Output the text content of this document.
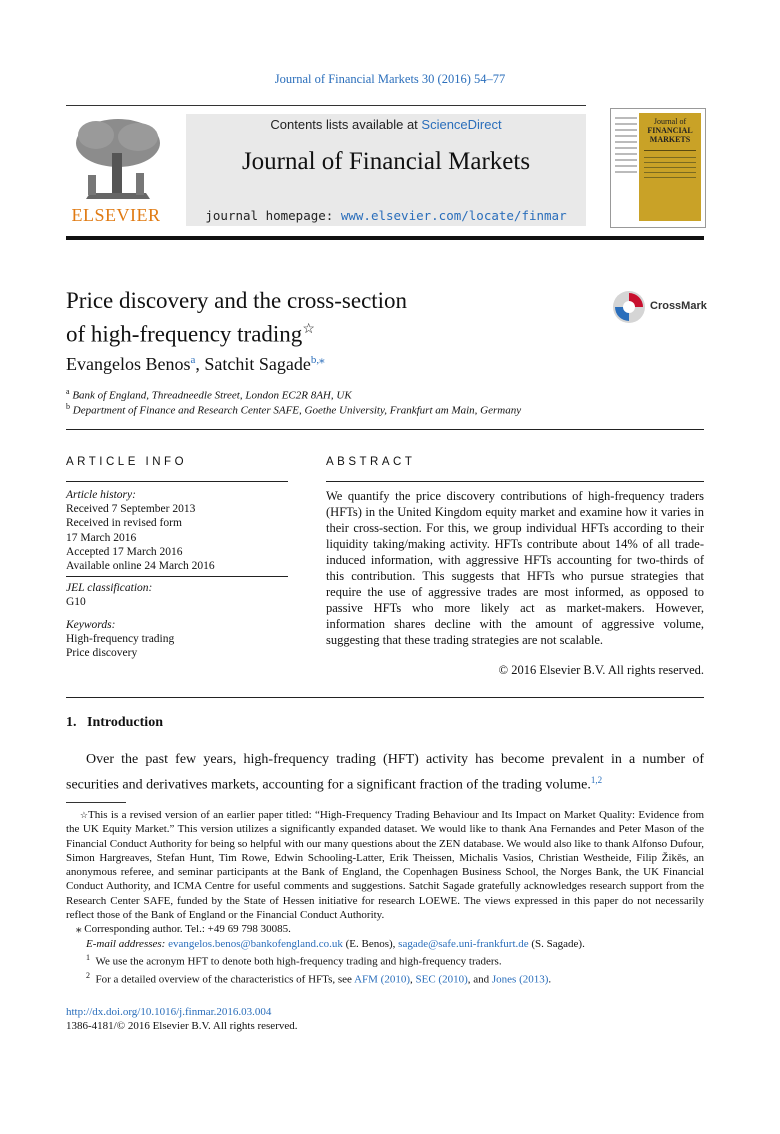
Journal of Financial Markets 30 (2016) 54–77
ELSEVIER
Contents lists available at ScienceDirect
Journal of Financial Markets
journal homepage: www.elsevier.com/locate/finmar
Journal of
FINANCIAL
MARKETS
Price discovery and the cross-section
of high-frequency trading☆
CrossMark
Evangelos Benos$^a$, Satchit Sagade$^{b,⁎}$
$^a$ Bank of England, Threadneedle Street, London EC2R 8AH, UK
$^b$ Department of Finance and Research Center SAFE, Goethe University, Frankfurt am Main, Germany
ARTICLE INFO	ABSTRACT
Article history:
Received 7 September 2013
Received in revised form
17 March 2016
Accepted 17 March 2016
Available online 24 March 2016
JEL classification:
G10
Keywords:
High-frequency trading
Price discovery
We quantify the price discovery contributions of high-frequency traders (HFTs) in the United Kingdom equity market and examine how it varies in their cross-section. For this, we group individual HFTs according to their liquidity taking/making activity. HFTs contribute about 14% of all trade-induced information, with aggressive HFTs accounting for two-thirds of this contribution. This suggests that HFTs who pursue strategies that require the use of aggressive trades are most informed, as opposed to passive HFTs who more likely act as market-makers. However, information shares decline with the amount of aggressive volume, suggesting that these trading strategies are not scalable.
© 2016 Elsevier B.V. All rights reserved.
1.   Introduction
Over the past few years, high-frequency trading (HFT) activity has become prevalent in a number of securities and derivatives markets, accounting for a significant fraction of the trading volume.$^{1,2}$

☆This is a revised version of an earlier paper titled: “High-Frequency Trading Behaviour and Its Impact on Market Quality: Evidence from the UK Equity Market.” This version utilizes a significantly expanded dataset. We would like to thank Ana Fernandes and Peter Mason of the Financial Conduct Authority for being so helpful with our many questions about the ZEN database. We would also like to thank Alfonso Dufour, Simon Hargreaves, Stefan Hunt, Tim Rowe, Edwin Schooling-Latter, Erik Theissen, Michalis Vasios, Christian Westheide, Filip Žikěs, an anonymous referee, and seminar participants at the Bank of England, the Copenhagen Business School, the Norges Bank, the UK Financial Conduct Authority, and ICMA Centre for useful comments and suggestions. Satchit Sagade gratefully acknowledges research support from the Research Center SAFE, funded by the State of Hessen initiative for research LOEWE. The views expressed in this paper do not necessarily reflect those of the Bank of England or the Financial Conduct Authority.

⁎ Corresponding author. Tel.: +49 69 798 30085.

E-mail addresses: evangelos.benos@bankofengland.co.uk (E. Benos), sagade@safe.uni-frankfurt.de (S. Sagade).

$^1$ We use the acronym HFT to denote both high-frequency trading and high-frequency traders.

$^2$ For a detailed overview of the characteristics of HFTs, see AFM (2010), SEC (2010), and Jones (2013).

http://dx.doi.org/10.1016/j.finmar.2016.03.004
1386-4181/© 2016 Elsevier B.V. All rights reserved.
